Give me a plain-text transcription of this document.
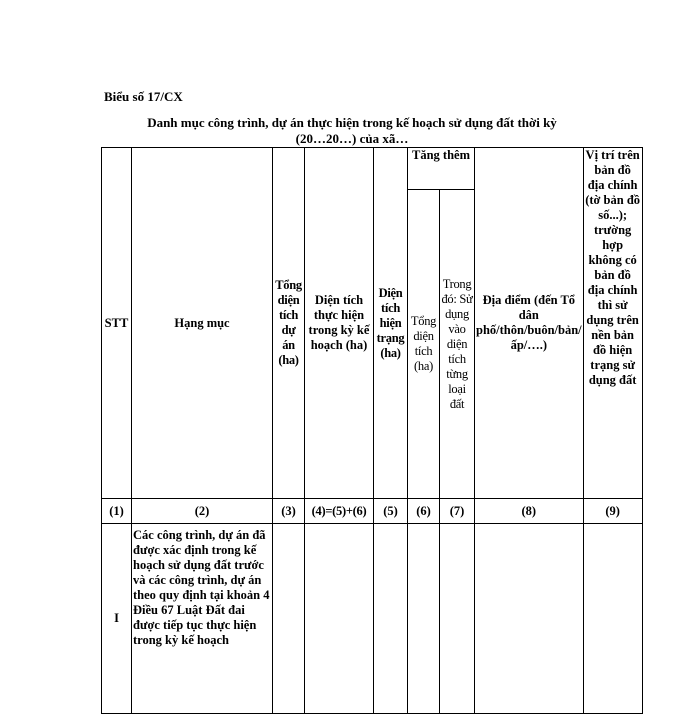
Biểu số 17/CX
Danh mục công trình, dự án thực hiện trong kế hoạch sử dụng đất thời kỳ
(20…20…) của xã…
STT	Hạng mục	Tổng diện tích dự án (ha)	Diện tích thực hiện trong kỳ kế hoạch (ha)	Diện tích hiện trạng (ha)	Tăng thêm		Địa điểm (đến Tổ dân phố/thôn/buôn/bản/ấp/….)	Vị trí trên bản đồ địa chính (tờ bản đồ số...); trường hợp không có bản đồ địa chính thì sử dụng trên nền bản đồ hiện trạng sử dụng đất
					Tổng diện tích (ha)	Trong đó: Sử dụng vào diện tích từng loại đất		
(1)	(2)	(3)	(4)=(5)+(6)	(5)	(6)	(7)	(8)	(9)
I	Các công trình, dự án đã được xác định trong kế hoạch sử dụng đất trước và các công trình, dự án theo quy định tại khoản 4 Điều 67 Luật Đất đai được tiếp tục thực hiện trong kỳ kế hoạch							
